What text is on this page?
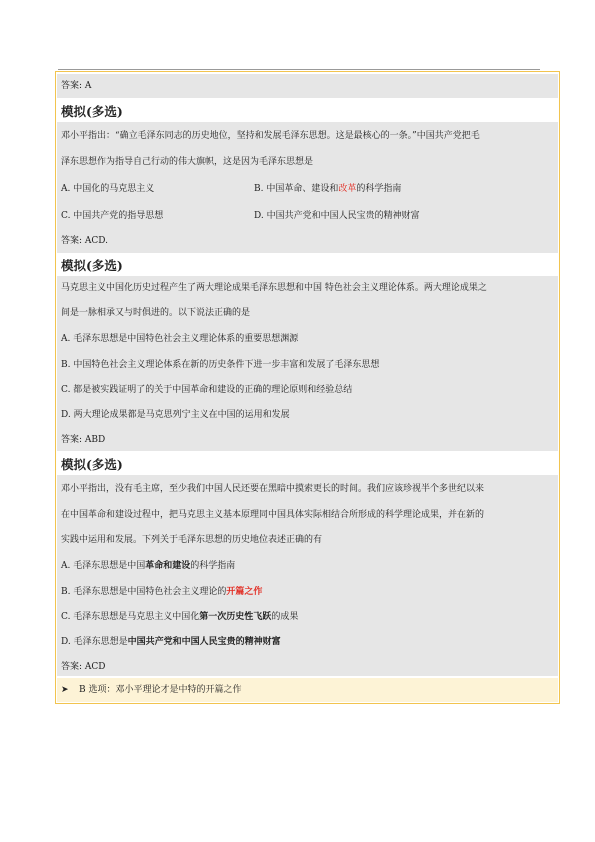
答案: A
模拟(多选)
邓小平指出：“确立毛泽东同志的历史地位，坚持和发展毛泽东思想。这是最核心的一条。”中国共产党把毛
泽东思想作为指导自己行动的伟大旗帜，这是因为毛泽东思想是
A. 中国化的马克思主义	B. 中国革命、建设和改革的科学指南
C. 中国共产党的指导思想	D. 中国共产党和中国人民宝贵的精神财富
答案: ACD.
模拟(多选)
马克思主义中国化历史过程产生了两大理论成果毛泽东思想和中国 特色社会主义理论体系。两大理论成果之
间是一脉相承又与时俱进的。以下说法正确的是
A. 毛泽东思想是中国特色社会主义理论体系的重要思想渊源
B. 中国特色社会主义理论体系在新的历史条件下进一步丰富和发展了毛泽东思想
C. 都是被实践证明了的关于中国革命和建设的正确的理论原则和经验总结
D. 两大理论成果都是马克思列宁主义在中国的运用和发展
答案: ABD
模拟(多选)
邓小平指出，没有毛主席，至少我们中国人民还要在黑暗中摸索更长的时间。我们应该珍视半个多世纪以来
在中国革命和建设过程中，把马克思主义基本原理同中国具体实际相结合所形成的科学理论成果，并在新的
实践中运用和发展。下列关于毛泽东思想的历史地位表述正确的有
A. 毛泽东思想是中国革命和建设的科学指南
B. 毛泽东思想是中国特色社会主义理论的开篇之作
C. 毛泽东思想是马克思主义中国化第一次历史性飞跃的成果
D. 毛泽东思想是中国共产党和中国人民宝贵的精神财富
答案: ACD
➤ B 选项：邓小平理论才是中特的开篇之作
